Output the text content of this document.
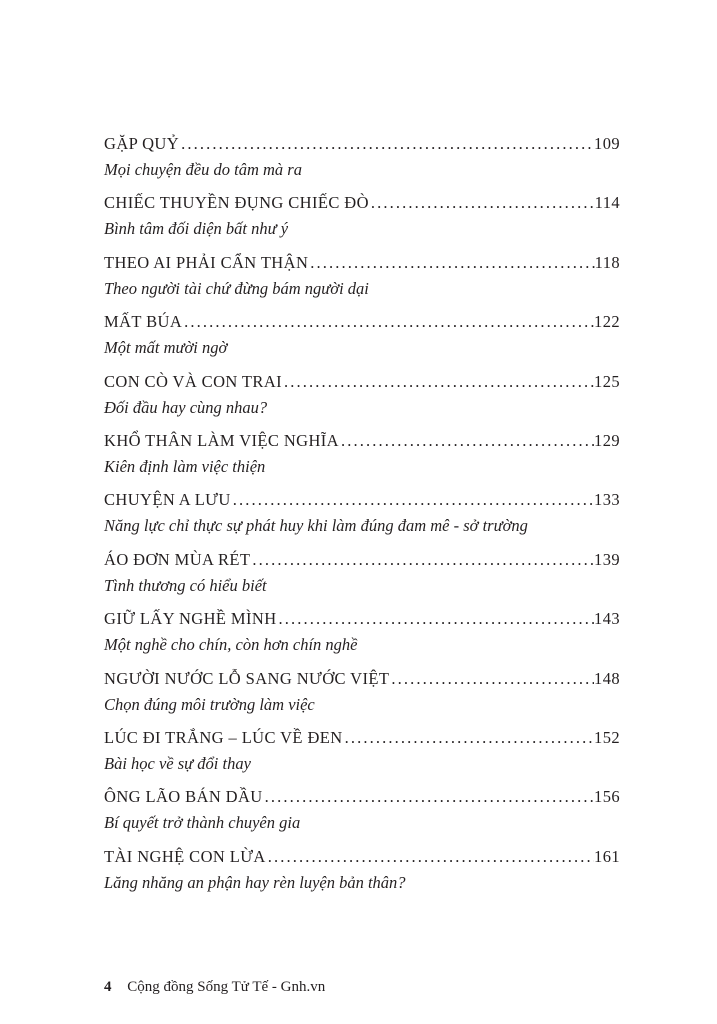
GẶP QUỶ . . .	109
Mọi chuyện đều do tâm mà ra
CHIẾC THUYỀN ĐỤNG CHIẾC ĐÒ . . .	114
Bình tâm đối diện bất như ý
THEO AI PHẢI CẨN THẬN . . .	118
Theo người tài chứ đừng bám người dại
MẤT BÚA . . .	122
Một mất mười ngờ
CON CÒ VÀ CON TRAI . . .	125
Đối đầu hay cùng nhau?
KHỔ THÂN LÀM VIỆC NGHĨA . . .	129
Kiên định làm việc thiện
CHUYỆN A LƯU . . .	133
Năng lực chỉ thực sự phát huy khi làm đúng đam mê - sở trường
ÁO ĐƠN MÙA RÉT . . .	139
Tình thương có hiểu biết
GIỮ LẤY NGHỀ MÌNH . . .	143
Một nghề cho chín, còn hơn chín nghề
NGƯỜI NƯỚC LỖ SANG NƯỚC VIỆT . . .	148
Chọn đúng môi trường làm việc
LÚC ĐI TRẮNG – LÚC VỀ ĐEN . . .	152
Bài học về sự đổi thay
ÔNG LÃO BÁN DẦU . . .	156
Bí quyết trở thành chuyên gia
TÀI NGHỆ CON LỪA . . .	161
Lăng nhăng an phận hay rèn luyện bản thân?
4 Cộng đồng Sống Tử Tế - Gnh.vn
